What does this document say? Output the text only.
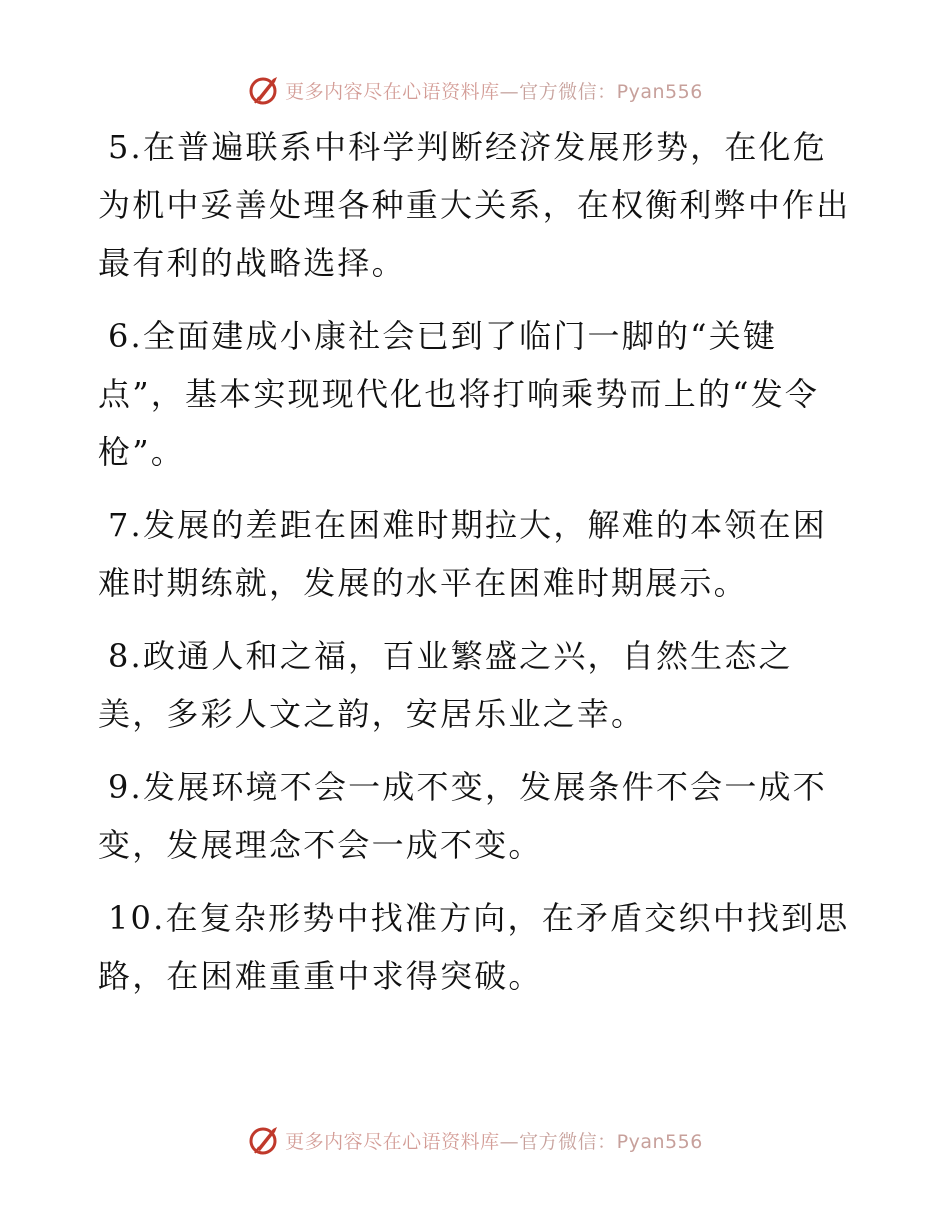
更多内容尽在心语资料库—官方微信：Pyan556

5.在普遍联系中科学判断经济发展形势，在化危为机中妥善处理各种重大关系，在权衡利弊中作出最有利的战略选择。

6.全面建成小康社会已到了临门一脚的“关键点”，基本实现现代化也将打响乘势而上的“发令枪”。

7.发展的差距在困难时期拉大，解难的本领在困难时期练就，发展的水平在困难时期展示。

8.政通人和之福，百业繁盛之兴，自然生态之美，多彩人文之韵，安居乐业之幸。

9.发展环境不会一成不变，发展条件不会一成不变，发展理念不会一成不变。

10.在复杂形势中找准方向，在矛盾交织中找到思路，在困难重重中求得突破。

更多内容尽在心语资料库—官方微信：Pyan556
